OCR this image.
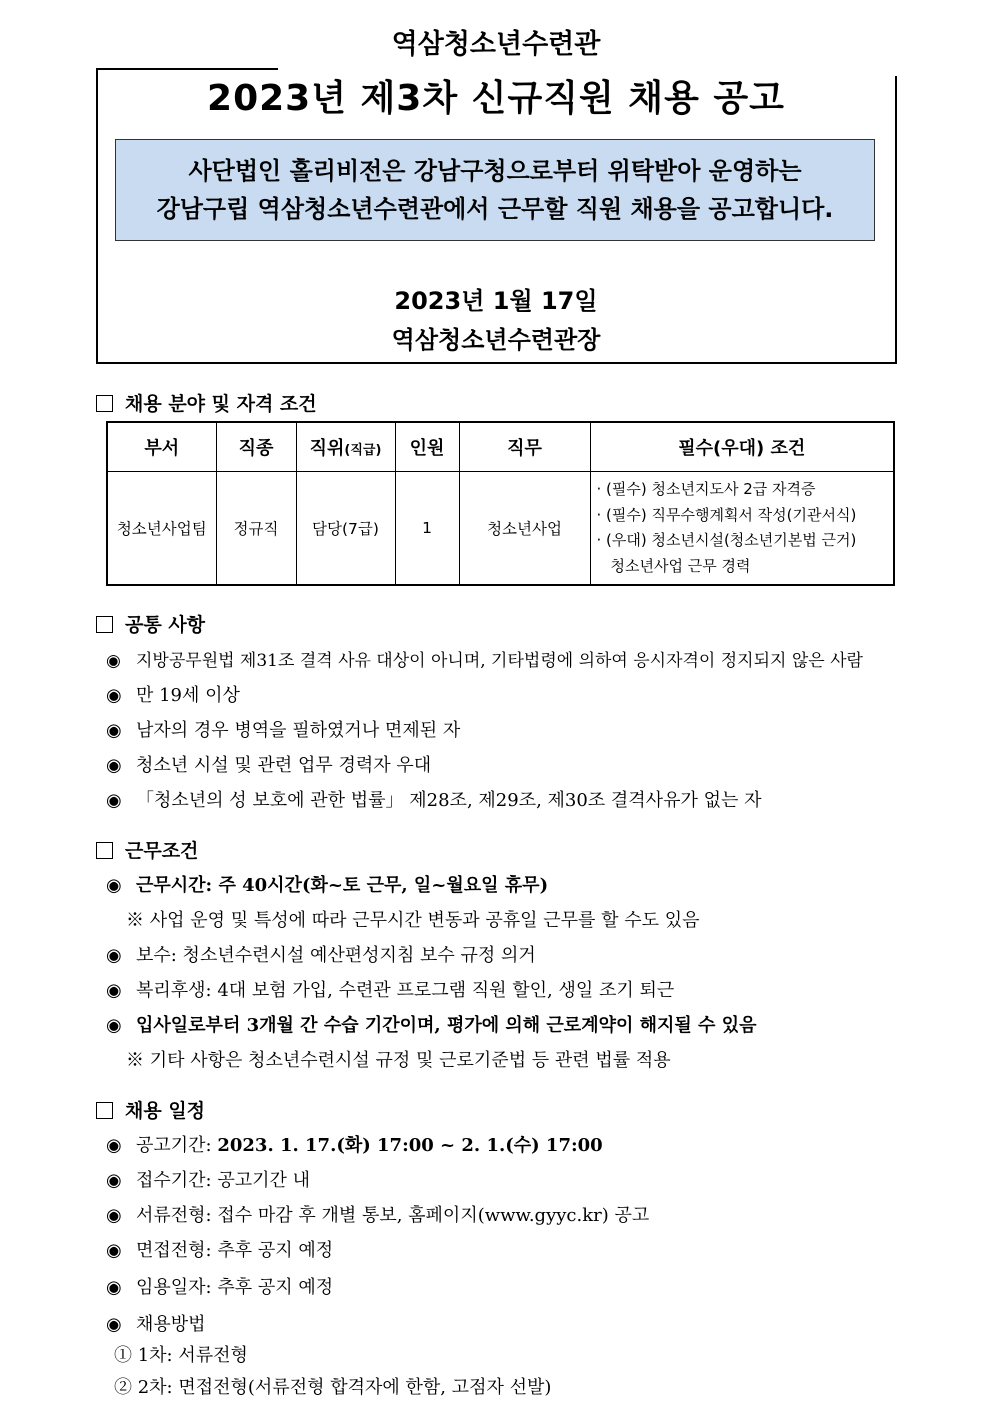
역삼청소년수련관
2023년 제3차 신규직원 채용 공고
사단법인 홀리비전은 강남구청으로부터 위탁받아 운영하는
강남구립 역삼청소년수련관에서 근무할 직원 채용을 공고합니다.
2023년 1월 17일
역삼청소년수련관장
채용 분야 및 자격 조건
부서	직종	직위(직급)	인원	직무	필수(우대) 조건
청소년사업팀	정규직	담당(7급)	1	청소년사업	· (필수) 청소년지도사 2급 자격증
· (필수) 직무수행계획서 작성(기관서식)
· (우대) 청소년시설(청소년기본법 근거)
청소년사업 근무 경력
공통 사항
◉ 지방공무원법 제31조 결격 사유 대상이 아니며, 기타법령에 의하여 응시자격이 정지되지 않은 사람
◉ 만 19세 이상
◉ 남자의 경우 병역을 필하였거나 면제된 자
◉ 청소년 시설 및 관련 업무 경력자 우대
◉ 「청소년의 성 보호에 관한 법률」 제28조, 제29조, 제30조 결격사유가 없는 자
근무조건
◉ 근무시간: 주 40시간(화~토 근무, 일~월요일 휴무)
※ 사업 운영 및 특성에 따라 근무시간 변동과 공휴일 근무를 할 수도 있음
◉ 보수: 청소년수련시설 예산편성지침 보수 규정 의거
◉ 복리후생: 4대 보험 가입, 수련관 프로그램 직원 할인, 생일 조기 퇴근
◉ 입사일로부터 3개월 간 수습 기간이며, 평가에 의해 근로계약이 해지될 수 있음
※ 기타 사항은 청소년수련시설 규정 및 근로기준법 등 관련 법률 적용
채용 일정
◉ 공고기간: 2023. 1. 17.(화) 17:00 ~ 2. 1.(수) 17:00
◉ 접수기간: 공고기간 내
◉ 서류전형: 접수 마감 후 개별 통보, 홈페이지(www.gyyc.kr) 공고
◉ 면접전형: 추후 공지 예정
◉ 임용일자: 추후 공지 예정
◉ 채용방법
① 1차: 서류전형
② 2차: 면접전형(서류전형 합격자에 한함, 고점자 선발)
